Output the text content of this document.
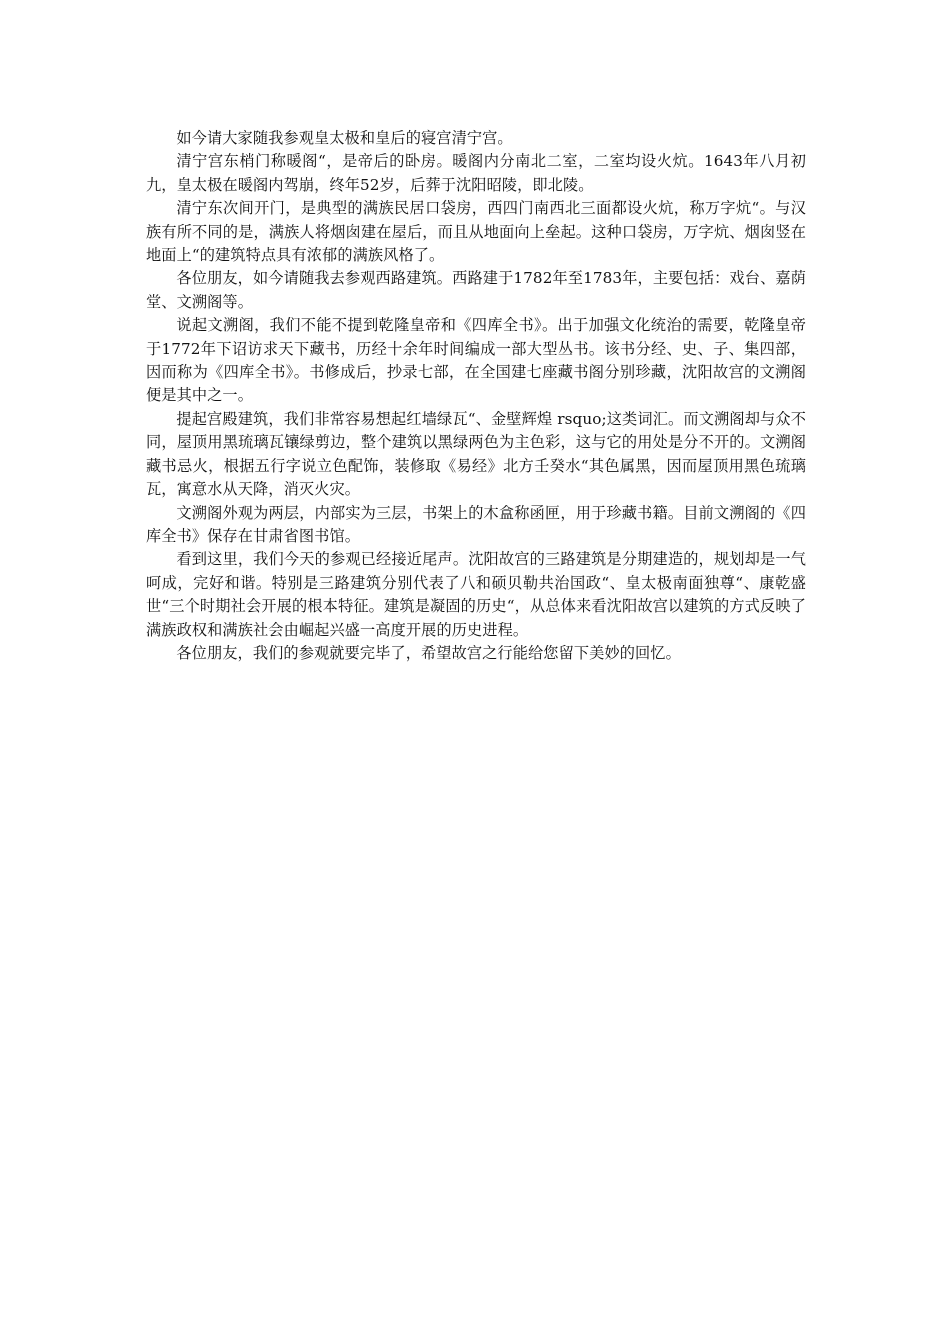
如今请大家随我参观皇太极和皇后的寝宫清宁宫。

清宁宫东梢门称暖阁“，是帝后的卧房。暖阁内分南北二室，二室均设火炕。1643年八月初九，皇太极在暖阁内驾崩，终年52岁，后葬于沈阳昭陵，即北陵。

清宁东次间开门，是典型的满族民居口袋房，西四门南西北三面都设火炕，称万字炕“。与汉族有所不同的是，满族人将烟囱建在屋后，而且从地面向上垒起。这种口袋房，万字炕、烟囱竖在地面上“的建筑特点具有浓郁的满族风格了。

各位朋友，如今请随我去参观西路建筑。西路建于1782年至1783年，主要包括：戏台、嘉荫堂、文溯阁等。

说起文溯阁，我们不能不提到乾隆皇帝和《四库全书》。出于加强文化统治的需要，乾隆皇帝于1772年下诏访求天下藏书，历经十余年时间编成一部大型丛书。该书分经、史、子、集四部，因而称为《四库全书》。书修成后，抄录七部，在全国建七座藏书阁分别珍藏，沈阳故宫的文溯阁便是其中之一。

提起宫殿建筑，我们非常容易想起红墙绿瓦“、金壁辉煌 rsquo;这类词汇。而文溯阁却与众不同，屋顶用黑琉璃瓦镶绿剪边，整个建筑以黑绿两色为主色彩，这与它的用处是分不开的。文溯阁藏书忌火，根据五行字说立色配饰，装修取《易经》北方壬癸水“其色属黑，因而屋顶用黑色琉璃瓦，寓意水从天降，消灭火灾。

文溯阁外观为两层，内部实为三层，书架上的木盒称函匣，用于珍藏书籍。目前文溯阁的《四库全书》保存在甘肃省图书馆。

看到这里，我们今天的参观已经接近尾声。沈阳故宫的三路建筑是分期建造的，规划却是一气呵成，完好和谐。特别是三路建筑分别代表了八和硕贝勒共治国政“、皇太极南面独尊“、康乾盛世“三个时期社会开展的根本特征。建筑是凝固的历史“，从总体来看沈阳故宫以建筑的方式反映了满族政权和满族社会由崛起兴盛一高度开展的历史进程。

各位朋友，我们的参观就要完毕了，希望故宫之行能给您留下美妙的回忆。
